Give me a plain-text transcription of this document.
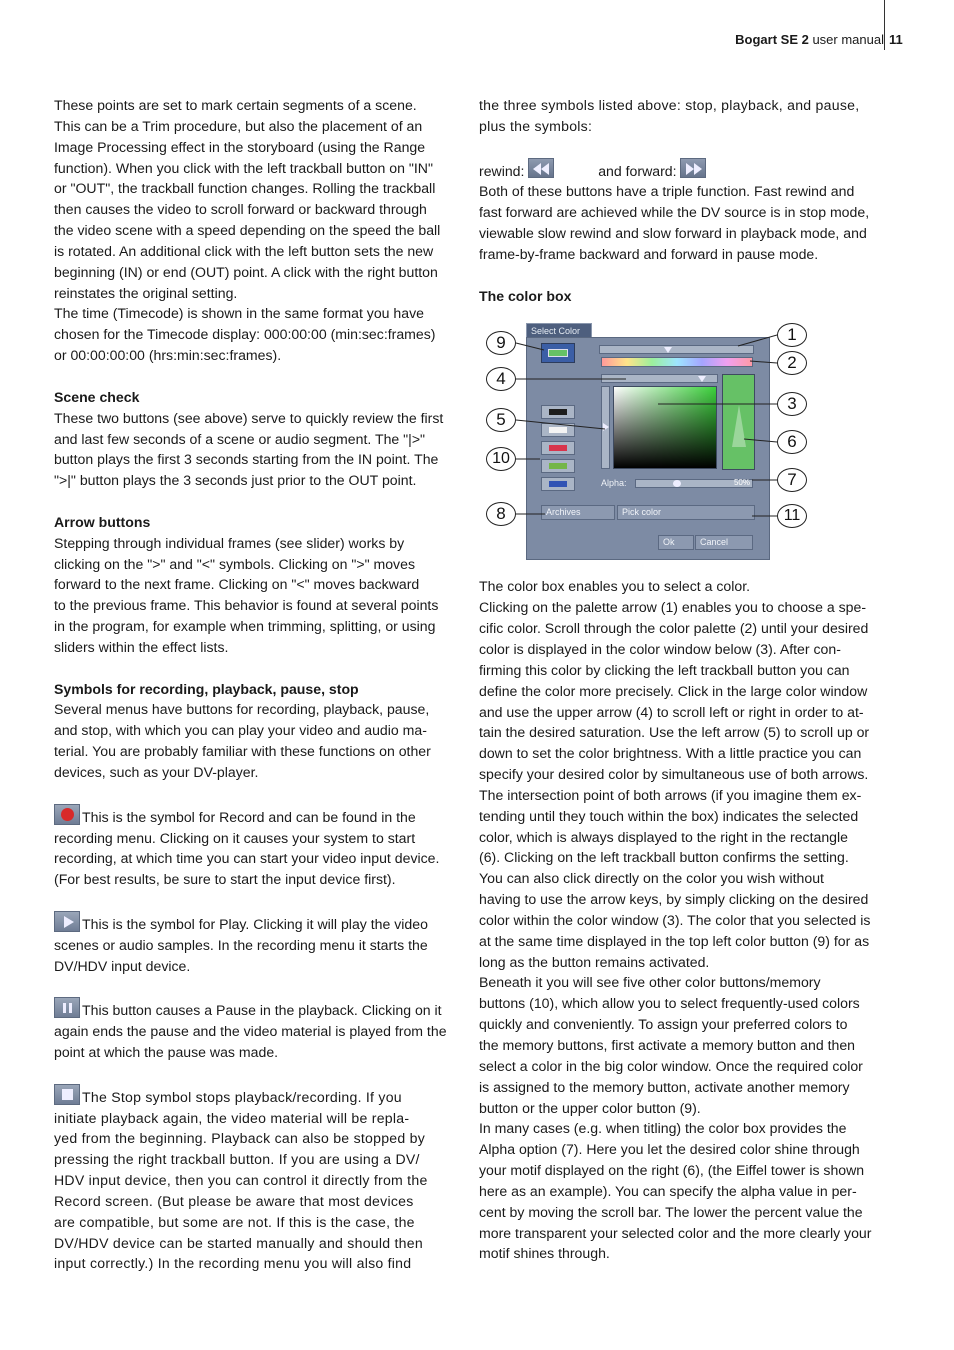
Bogart SE 2 user manual 11
These points are set to mark certain segments of a scene.
This can be a Trim procedure, but also the placement of an
Image Processing effect in the storyboard (using the Range
function). When you click with the left trackball button on "IN"
or "OUT", the trackball function changes. Rolling the trackball
then causes the video to scroll forward or backward through
the video scene with a speed depending on the speed the ball
is rotated. An additional click with the left button sets the new
beginning (IN) or end (OUT) point. A click with the right button
reinstates the original setting.
The time (Timecode) is shown in the same format you have
chosen for the Timecode display: 000:00:00 (min:sec:frames)
or 00:00:00:00 (hrs:min:sec:frames).
Scene check
These two buttons (see above) serve to quickly review the first
and last few seconds of a scene or audio segment. The "|>"
button plays the first 3 seconds starting from the IN point. The
">|" button plays the 3 seconds just prior to the OUT point.
Arrow buttons
Stepping through individual frames (see slider) works by
clicking on the ">" and "<" symbols. Clicking on ">" moves
forward to the next frame. Clicking on "<" moves backward
to the previous frame. This behavior is found at several points
in the program, for example when trimming, splitting, or using
sliders within the effect lists.
Symbols for recording, playback, pause, stop
Several menus have buttons for recording, playback, pause,
and stop, with which you can play your video and audio ma-
terial. You are probably familiar with these functions on other
devices, such as your DV-player.
This is the symbol for Record and can be found in the
recording menu. Clicking on it causes your system to start
recording, at which time you can start your video input device.
(For best results, be sure to start the input device first).
This is the symbol for Play. Clicking it will play the video
scenes or audio samples. In the recording menu it starts the
DV/HDV input device.
This button causes a Pause in the playback. Clicking on it
again ends the pause and the video material is played from the
point at which the pause was made.
The Stop symbol stops playback/recording. If you
initiate playback again, the video material will be repla-
yed from the beginning. Playback can also be stopped by
pressing the right trackball button. If you are using a DV/
HDV input device, then you can control it directly from the
Record screen. (But please be aware that most devices
are compatible, but some are not. If this is the case, the
DV/HDV device can be started manually and should then
input correctly.) In the recording menu you will also find
the three symbols listed above: stop, playback, and pause,
plus the symbols:
rewind:	and forward:
Both of these buttons have a triple function. Fast rewind and
fast forward are achieved while the DV source is in stop mode,
viewable slow rewind and slow forward in playback mode, and
frame-by-frame backward and forward in pause mode.
The color box
The color box enables you to select a color.
Clicking on the palette arrow (1) enables you to choose a spe-
cific color. Scroll through the color palette (2) until your desired
color is displayed in the color window below (3). After con-
firming this color by clicking the left trackball button you can
define the color more precisely. Click in the large color window
and use the upper arrow (4) to scroll left or right in order to at-
tain the desired saturation. Use the left arrow (5) to scroll up or
down to set the color brightness. With a little practice you can
specify your desired color by simultaneous use of both arrows.
The intersection point of both arrows (if you imagine them ex-
tending until they touch within the box) indicates the selected
color, which is always displayed to the right in the rectangle
(6). Clicking on the left trackball button confirms the setting.
You can also click directly on the color you wish without
having to use the arrow keys, by simply clicking on the desired
color within the color window (3). The color that you selected is
at the same time displayed in the top left color button (9) for as
long as the button remains activated.
Beneath it you will see five other color buttons/memory
buttons (10), which allow you to select frequently-used colors
quickly and conveniently. To assign your preferred colors to
the memory buttons, first activate a memory button and then
select a color in the big color window. Once the required color
is assigned to the memory button, activate another memory
button or the upper color button (9).
In many cases (e.g. when titling) the color box provides the
Alpha option (7). Here you let the desired color shine through
your motif displayed on the right (6), (the Eiffel tower is shown
here as an example). You can specify the alpha value in per-
cent by moving the scroll bar. The lower the percent value the
more transparent your selected color and the more clearly your
motif shines through.
Select Color
Alpha:	50%
Archives	Pick color
Ok	Cancel
1
2
3
4
5
6
7
8
9
10
11
